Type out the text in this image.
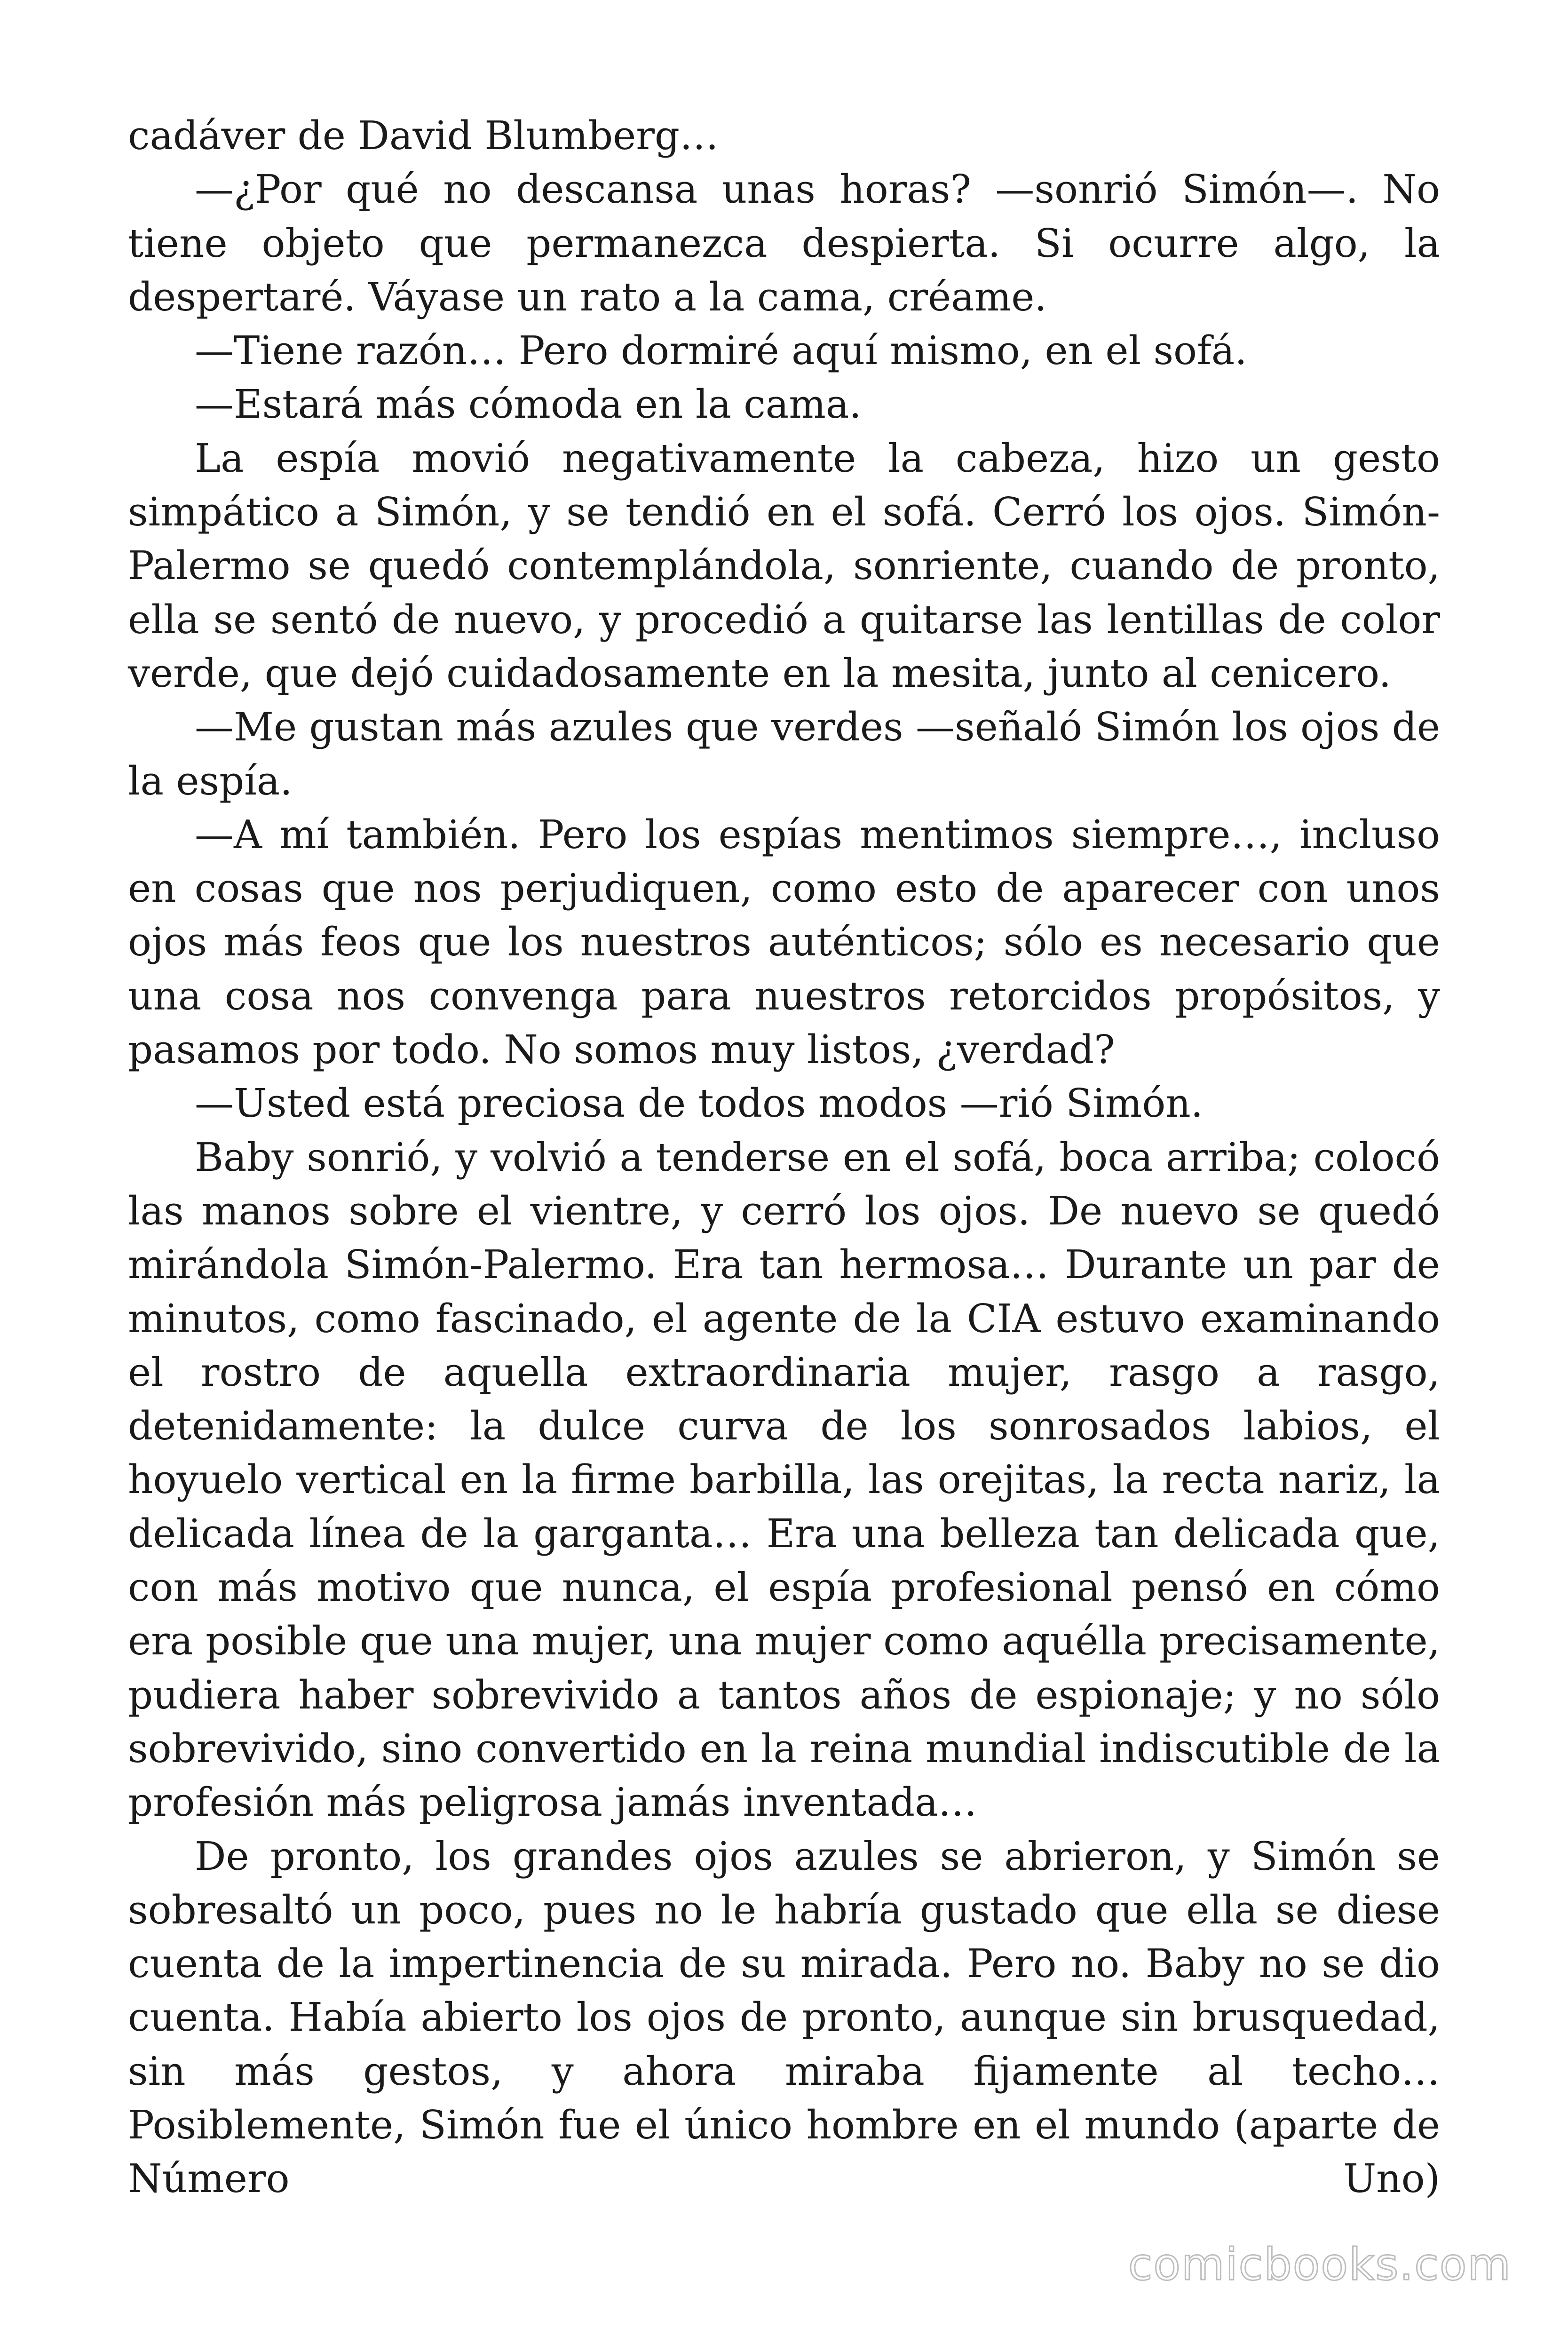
cadáver de David Blumberg…

—¿Por qué no descansa unas horas? —sonrió Simón—. No tiene objeto que permanezca despierta. Si ocurre algo, la despertaré. Váyase un rato a la cama, créame.

—Tiene razón… Pero dormiré aquí mismo, en el sofá.

—Estará más cómoda en la cama.

La espía movió negativamente la cabeza, hizo un gesto simpático a Simón, y se tendió en el sofá. Cerró los ojos. Simón-Palermo se quedó contemplándola, sonriente, cuando de pronto, ella se sentó de nuevo, y procedió a quitarse las lentillas de color verde, que dejó cuidadosamente en la mesita, junto al cenicero.

—Me gustan más azules que verdes —señaló Simón los ojos de la espía.

—A mí también. Pero los espías mentimos siempre…, incluso en cosas que nos perjudiquen, como esto de aparecer con unos ojos más feos que los nuestros auténticos; sólo es necesario que una cosa nos convenga para nuestros retorcidos propósitos, y pasamos por todo. No somos muy listos, ¿verdad?

—Usted está preciosa de todos modos —rió Simón.

Baby sonrió, y volvió a tenderse en el sofá, boca arriba; colocó las manos sobre el vientre, y cerró los ojos. De nuevo se quedó mirándola Simón-Palermo. Era tan hermosa… Durante un par de minutos, como fascinado, el agente de la CIA estuvo examinando el rostro de aquella extraordinaria mujer, rasgo a rasgo, detenidamente: la dulce curva de los sonrosados labios, el hoyuelo vertical en la firme barbilla, las orejitas, la recta nariz, la delicada línea de la garganta… Era una belleza tan delicada que, con más motivo que nunca, el espía profesional pensó en cómo era posible que una mujer, una mujer como aquélla precisamente, pudiera haber sobrevivido a tantos años de espionaje; y no sólo sobrevivido, sino convertido en la reina mundial indiscutible de la profesión más peligrosa jamás inventada…

De pronto, los grandes ojos azules se abrieron, y Simón se sobresaltó un poco, pues no le habría gustado que ella se diese cuenta de la impertinencia de su mirada. Pero no. Baby no se dio cuenta. Había abierto los ojos de pronto, aunque sin brusquedad, sin más gestos, y ahora miraba fijamente al techo… Posiblemente, Simón fue el único hombre en el mundo (aparte de Número Uno)

comicbooks.com
